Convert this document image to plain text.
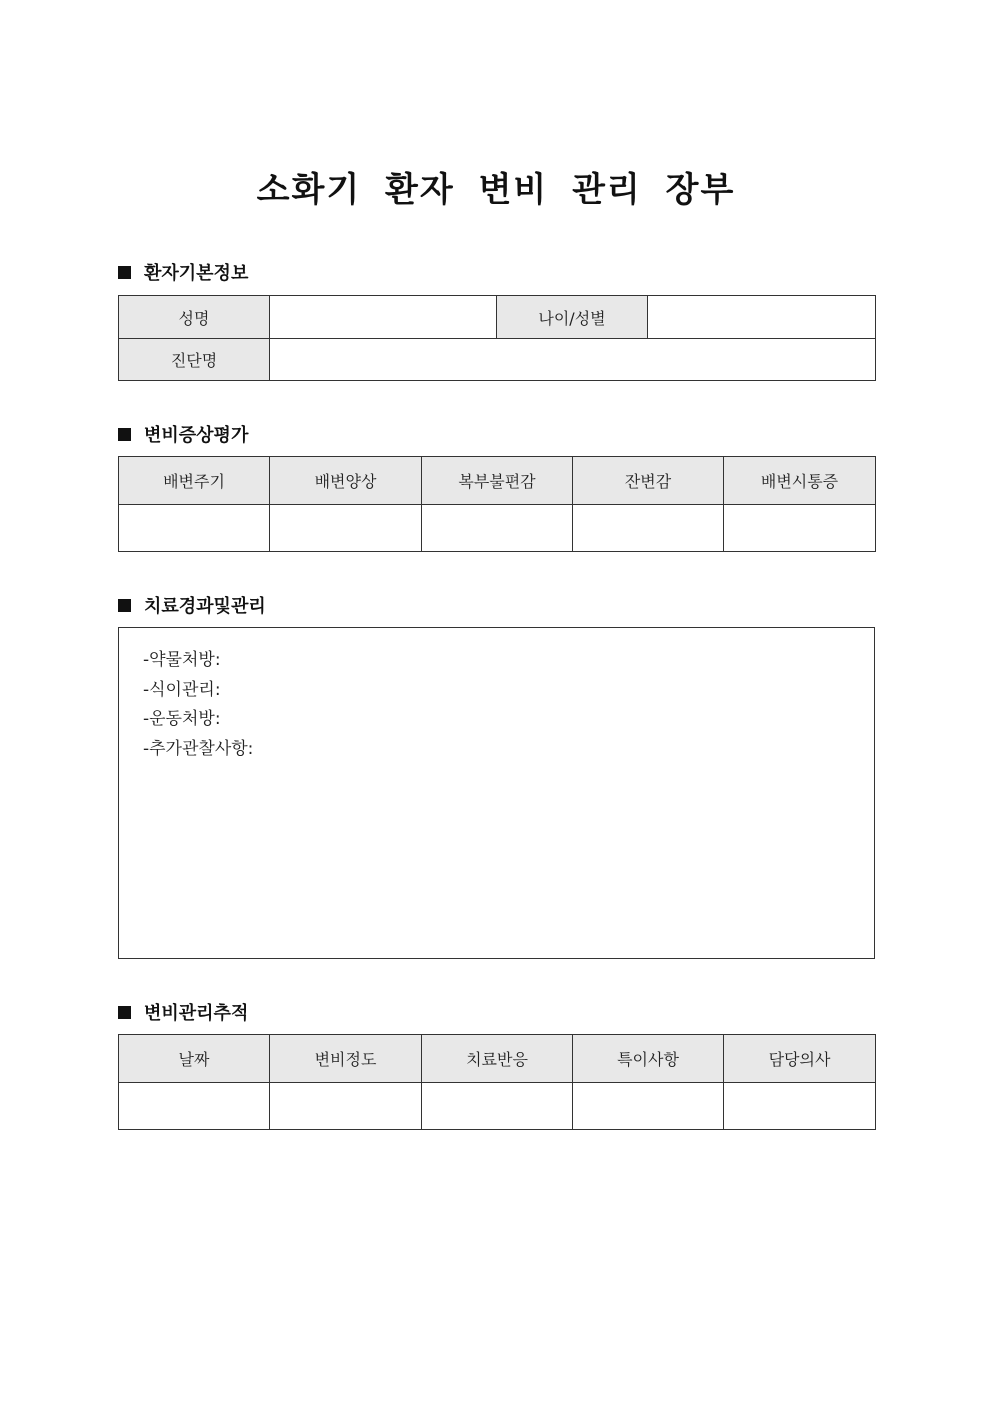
소화기 환자 변비 관리 장부
환자기본정보
성명		나이/성별	
진단명			
변비증상평가
배변주기	배변양상	복부불편감	잔변감	배변시통증

치료경과및관리
-약물처방:
-식이관리:
-운동처방:
-추가관찰사항:
변비관리추적
날짜	변비정도	치료반응	특이사항	담당의사
